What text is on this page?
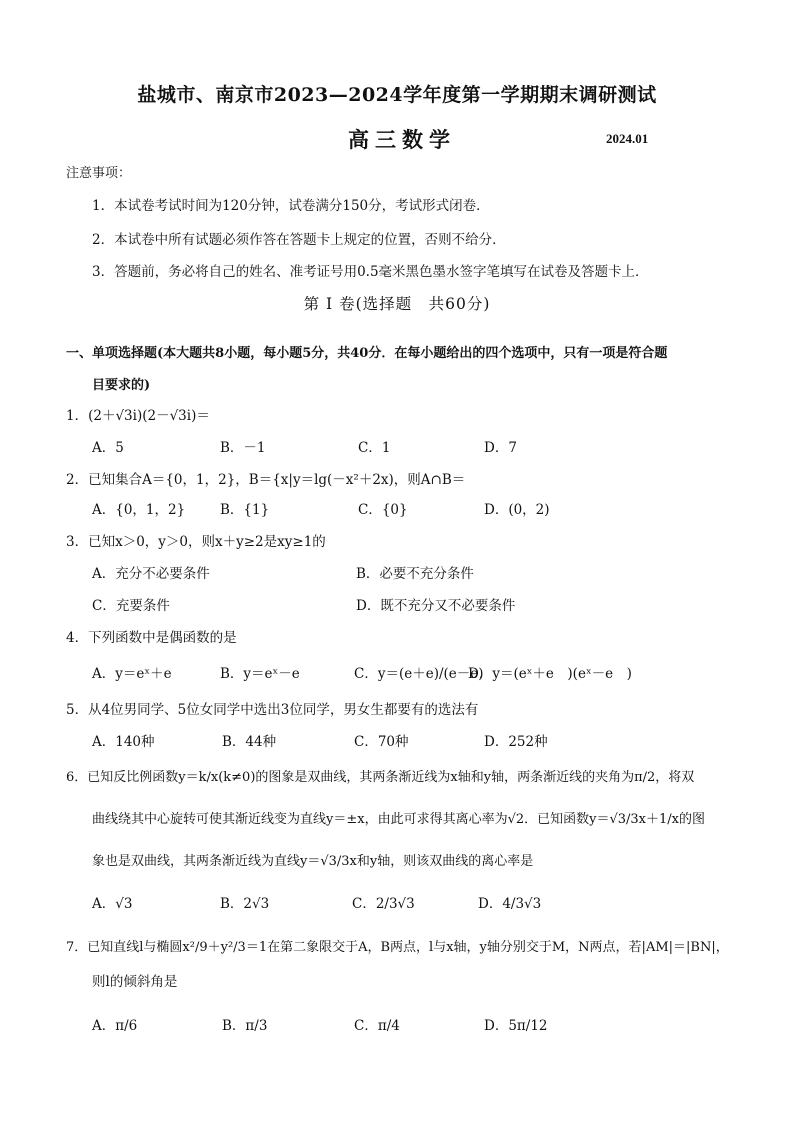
盐城市、南京市2023—2024学年度第一学期期末调研测试
高三数学	2024.01
注意事项：
1．本试卷考试时间为120分钟，试卷满分150分，考试形式闭卷．
2．本试卷中所有试题必须作答在答题卡上规定的位置，否则不给分．
3．答题前，务必将自己的姓名、准考证号用0.5毫米黑色墨水签字笔填写在试卷及答题卡上．
第 I 卷(选择题　共60分)
一、单项选择题(本大题共8小题，每小题5分，共40分．在每小题给出的四个选项中，只有一项是符合题
目要求的)
1．(2＋√3i)(2－√3i)＝
A．5	B．－1	C．1	D．7
2．已知集合A＝{0，1，2}，B＝{x|y＝lg(－x²＋2x)，则A∩B＝
A．{0，1，2}	B．{1}	C．{0}	D．(0，2)
3．已知x＞0，y＞0，则x＋y≥2是xy≥1的
A．充分不必要条件	B．必要不充分条件
C．充要条件	D．既不充分又不必要条件
4．下列函数中是偶函数的是
A．y＝eˣ＋e	B．y＝eˣ－e	C．y＝(e＋e)/(e－e)
D．y＝(eˣ＋e　)(eˣ－e　)
5．从4位男同学、5位女同学中选出3位同学，男女生都要有的选法有
A．140种	B．44种	C．70种	D．252种
6．已知反比例函数y＝k/x(k≠0)的图象是双曲线，其两条渐近线为x轴和y轴，两条渐近线的夹角为π/2，将双
曲线绕其中心旋转可使其渐近线变为直线y＝±x，由此可求得其离心率为√2．已知函数y＝√3/3x＋1/x的图
象也是双曲线，其两条渐近线为直线y＝√3/3x和y轴，则该双曲线的离心率是
A．√3	B．2√3	C．2/3√3	D．4/3√3
7．已知直线l与椭圆x²/9＋y²/3＝1在第二象限交于A，B两点，l与x轴，y轴分别交于M，N两点，若|AM|＝|BN|，
则l的倾斜角是
A．π/6	B．π/3	C．π/4	D．5π/12
